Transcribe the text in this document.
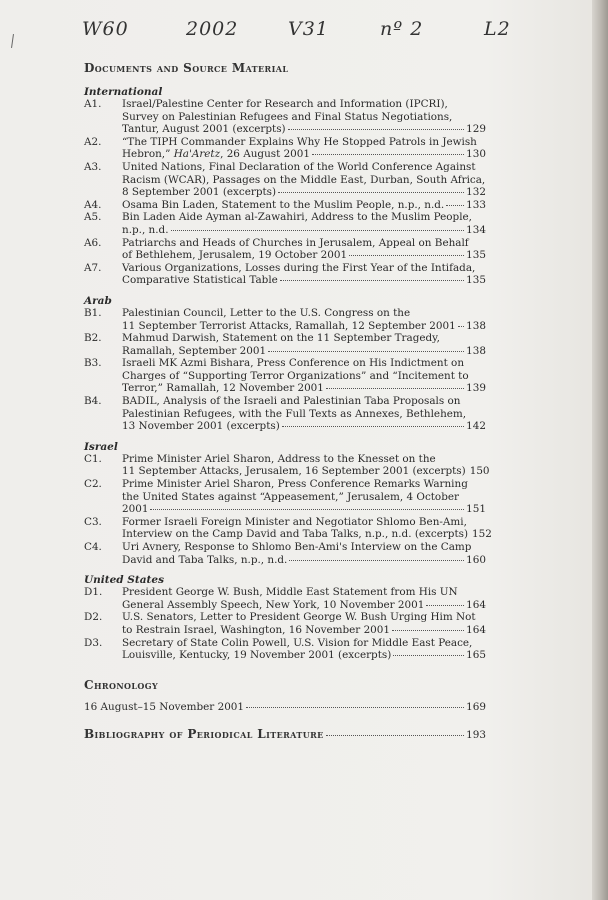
W60	2002	V31	nº 2	L2
Documents and Source Material
International
A1. Israel/Palestine Center for Research and Information (IPCRI),
Survey on Palestinian Refugees and Final Status Negotiations,
Tantur, August 2001 (excerpts)	129
A2. “The TIPH Commander Explains Why He Stopped Patrols in Jewish
Hebron,” Ha'Aretz, 26 August 2001	130
A3. United Nations, Final Declaration of the World Conference Against
Racism (WCAR), Passages on the Middle East, Durban, South Africa,
8 September 2001 (excerpts)	132
A4. Osama Bin Laden, Statement to the Muslim People, n.p., n.d. 133
A5. Bin Laden Aide Ayman al-Zawahiri, Address to the Muslim People,
n.p., n.d.	134
A6. Patriarchs and Heads of Churches in Jerusalem, Appeal on Behalf
of Bethlehem, Jerusalem, 19 October 2001	135
A7. Various Organizations, Losses during the First Year of the Intifada,
Comparative Statistical Table	135
Arab
B1. Palestinian Council, Letter to the U.S. Congress on the
11 September Terrorist Attacks, Ramallah, 12 September 2001 138
B2. Mahmud Darwish, Statement on the 11 September Tragedy,
Ramallah, September 2001	138
B3. Israeli MK Azmi Bishara, Press Conference on His Indictment on
Charges of “Supporting Terror Organizations” and “Incitement to
Terror,” Ramallah, 12 November 2001	139
B4. BADIL, Analysis of the Israeli and Palestinian Taba Proposals on
Palestinian Refugees, with the Full Texts as Annexes, Bethlehem,
13 November 2001 (excerpts)	142
Israel
C1. Prime Minister Ariel Sharon, Address to the Knesset on the
11 September Attacks, Jerusalem, 16 September 2001 (excerpts) 150
C2. Prime Minister Ariel Sharon, Press Conference Remarks Warning
the United States against “Appeasement,” Jerusalem, 4 October
2001	151
C3. Former Israeli Foreign Minister and Negotiator Shlomo Ben-Ami,
Interview on the Camp David and Taba Talks, n.p., n.d. (excerpts) 152
C4. Uri Avnery, Response to Shlomo Ben-Ami's Interview on the Camp
David and Taba Talks, n.p., n.d.	160
United States
D1. President George W. Bush, Middle East Statement from His UN
General Assembly Speech, New York, 10 November 2001	164
D2. U.S. Senators, Letter to President George W. Bush Urging Him Not
to Restrain Israel, Washington, 16 November 2001	164
D3. Secretary of State Colin Powell, U.S. Vision for Middle East Peace,
Louisville, Kentucky, 19 November 2001 (excerpts)	165
Chronology
16 August–15 November 2001	169
Bibliography of Periodical Literature	193
